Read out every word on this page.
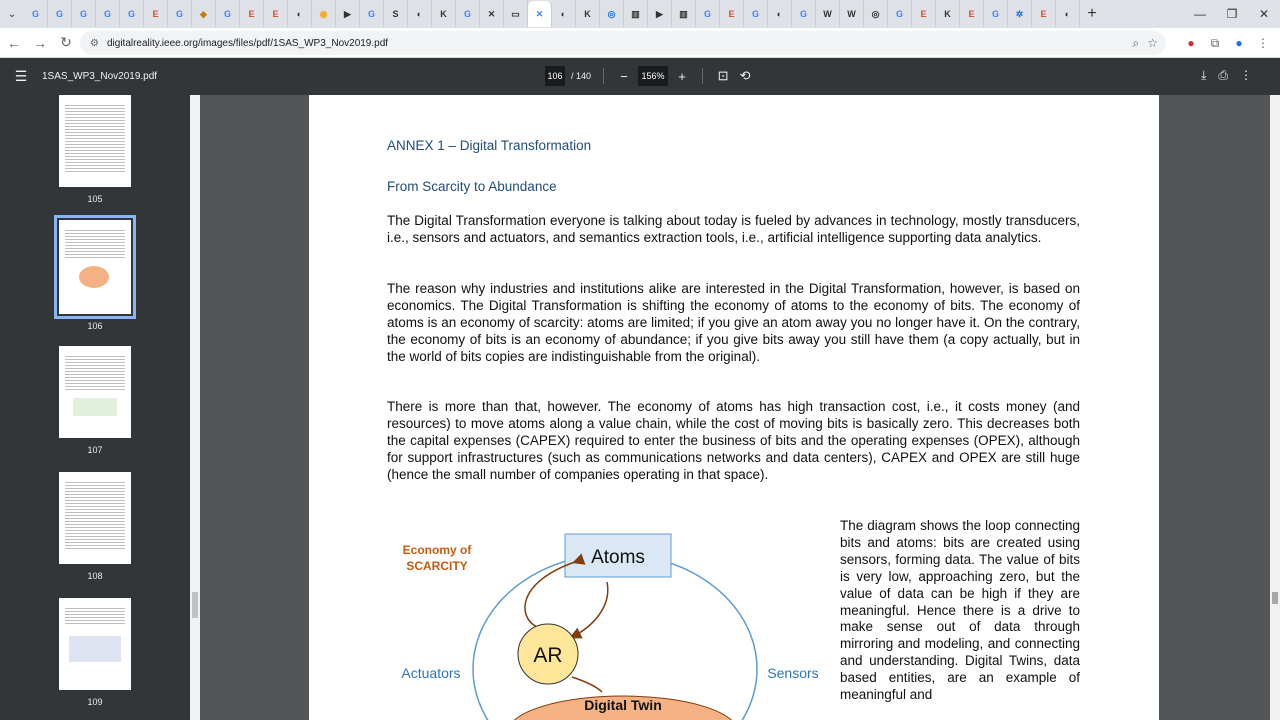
⌄	G	G	G	G	G	E	G	◆	G	E	E	◐	◉	▶	G	S	◐	K	G	✕	▭	✕	◐	K	◎	▥	▶	▥	G	E	G	◐	G	W	W	◎	G	E	K	E	G	✲	E	◐	+	—	❐	✕
← → ↻	⚙ digitalreality.ieee.org/images/files/pdf/1SAS_WP3_Nov2019.pdf	⌕ ☆	●	⧉	●	⋮
☰	1SAS_WP3_Nov2019.pdf	106 / 140	−	156%	+	⊡ ⟲	⤓ ⎙ ⋮
105
106
107
108
109
ANNEX 1 – Digital Transformation
From Scarcity to Abundance
The Digital Transformation everyone is talking about today is fueled by advances in technology, mostly transducers, i.e., sensors and actuators, and semantics extraction tools, i.e., artificial intelligence supporting data analytics.
The reason why industries and institutions alike are interested in the Digital Transformation, however, is based on economics. The Digital Transformation is shifting the economy of atoms to the economy of bits. The economy of atoms is an economy of scarcity: atoms are limited; if you give an atom away you no longer have it. On the contrary, the economy of bits is an economy of abundance; if you give bits away you still have them (a copy actually, but in the world of bits copies are indistinguishable from the original).
There is more than that, however. The economy of atoms has high transaction cost, i.e., it costs money (and resources) to move atoms along a value chain, while the cost of moving bits is basically zero. This decreases both the capital expenses (CAPEX) required to enter the business of bits and the operating expenses (OPEX), although for support infrastructures (such as communications networks and data centers), CAPEX and OPEX are still huge (hence the small number of companies operating in that space).
The diagram shows the loop connecting bits and atoms: bits are created using sensors, forming data. The value of bits is very low, approaching zero, but the value of data can be high if they are meaningful. Hence there is a drive to make sense out of data through mirroring and modeling, and connecting and understanding. Digital Twins, data based entities, are an example of meaningful and
Atoms
AR
Digital Twin
Economy of
SCARCITY
Actuators	Sensors
